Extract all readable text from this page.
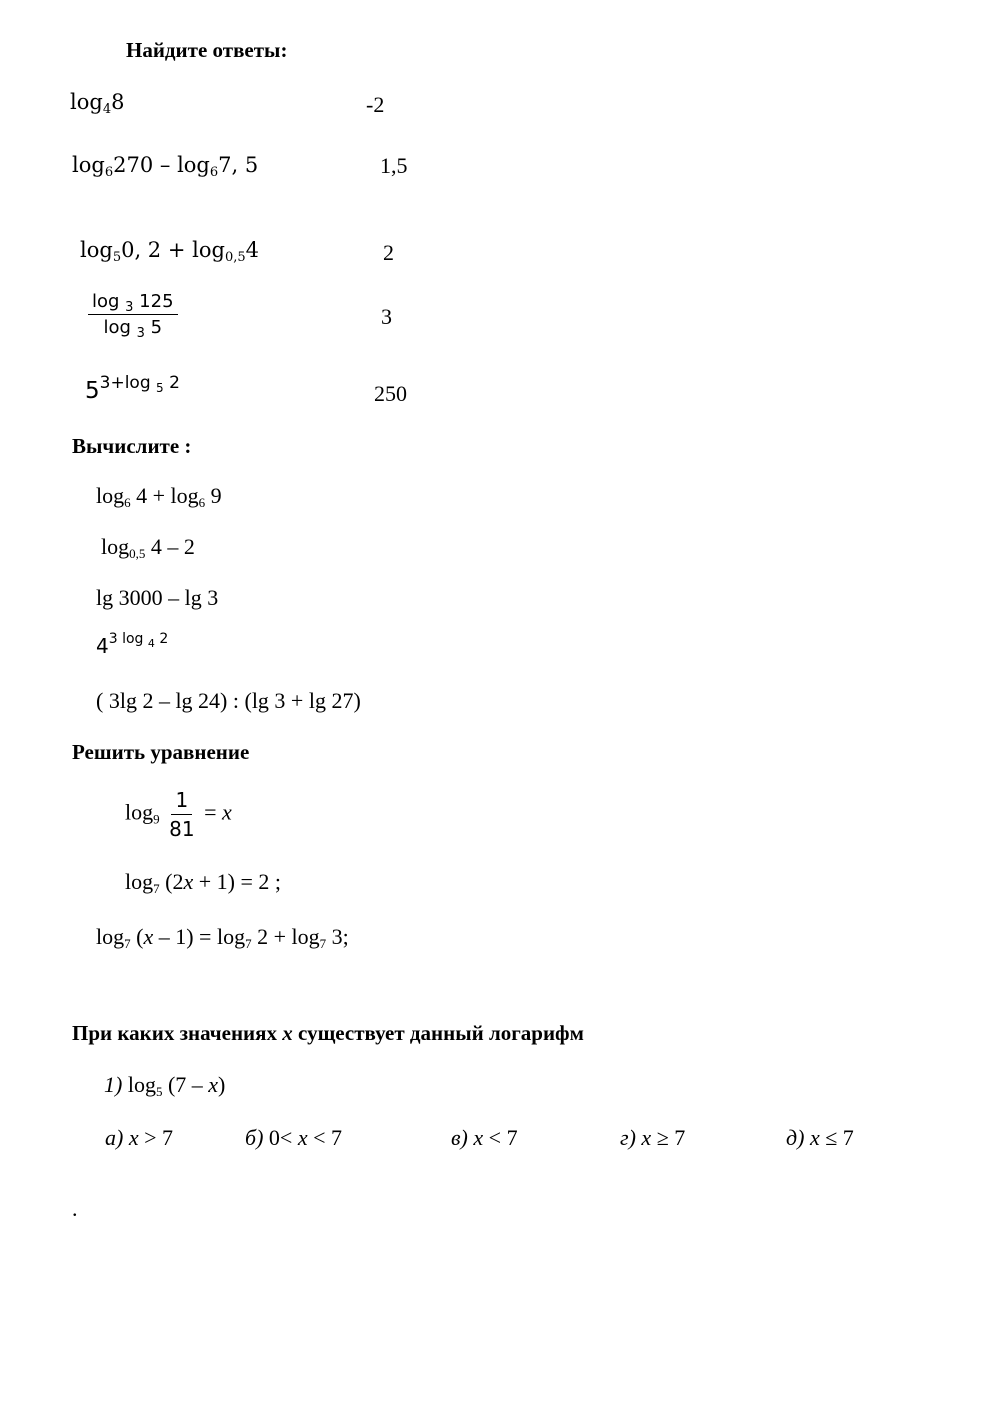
Найдите ответы:
$\log_48$	-2
$\log_6270 - \log_67$, 5	1,5
$\log_50$, $2 + \log_{0,5}4$	2
$\frac{\log _3 125}{\log _3 5}$	3
$5^{3+log _5 2}$	250
Вычислите :
$\log_6 4 + \log_6 9$
$\log_{0,5} 4 - 2$
lg 3000 – lg 3
$4^{3 log _4 2}$
( 3lg 2 – lg 24) : (lg 3 + lg 27)
Решить уравнение
$\log_9 \frac{1}{81} = x$
$\log_7 (2x + 1) = 2$ ;
$\log_7 (x - 1) = \log_7 2 + \log_7 3$;
При каких значениях x существует данный логарифм
1) $\log_5 (7 - x)$
а) x > 7	б) 0< x < 7	в) x < 7	г) x ≥ 7	д) x ≤ 7
.
